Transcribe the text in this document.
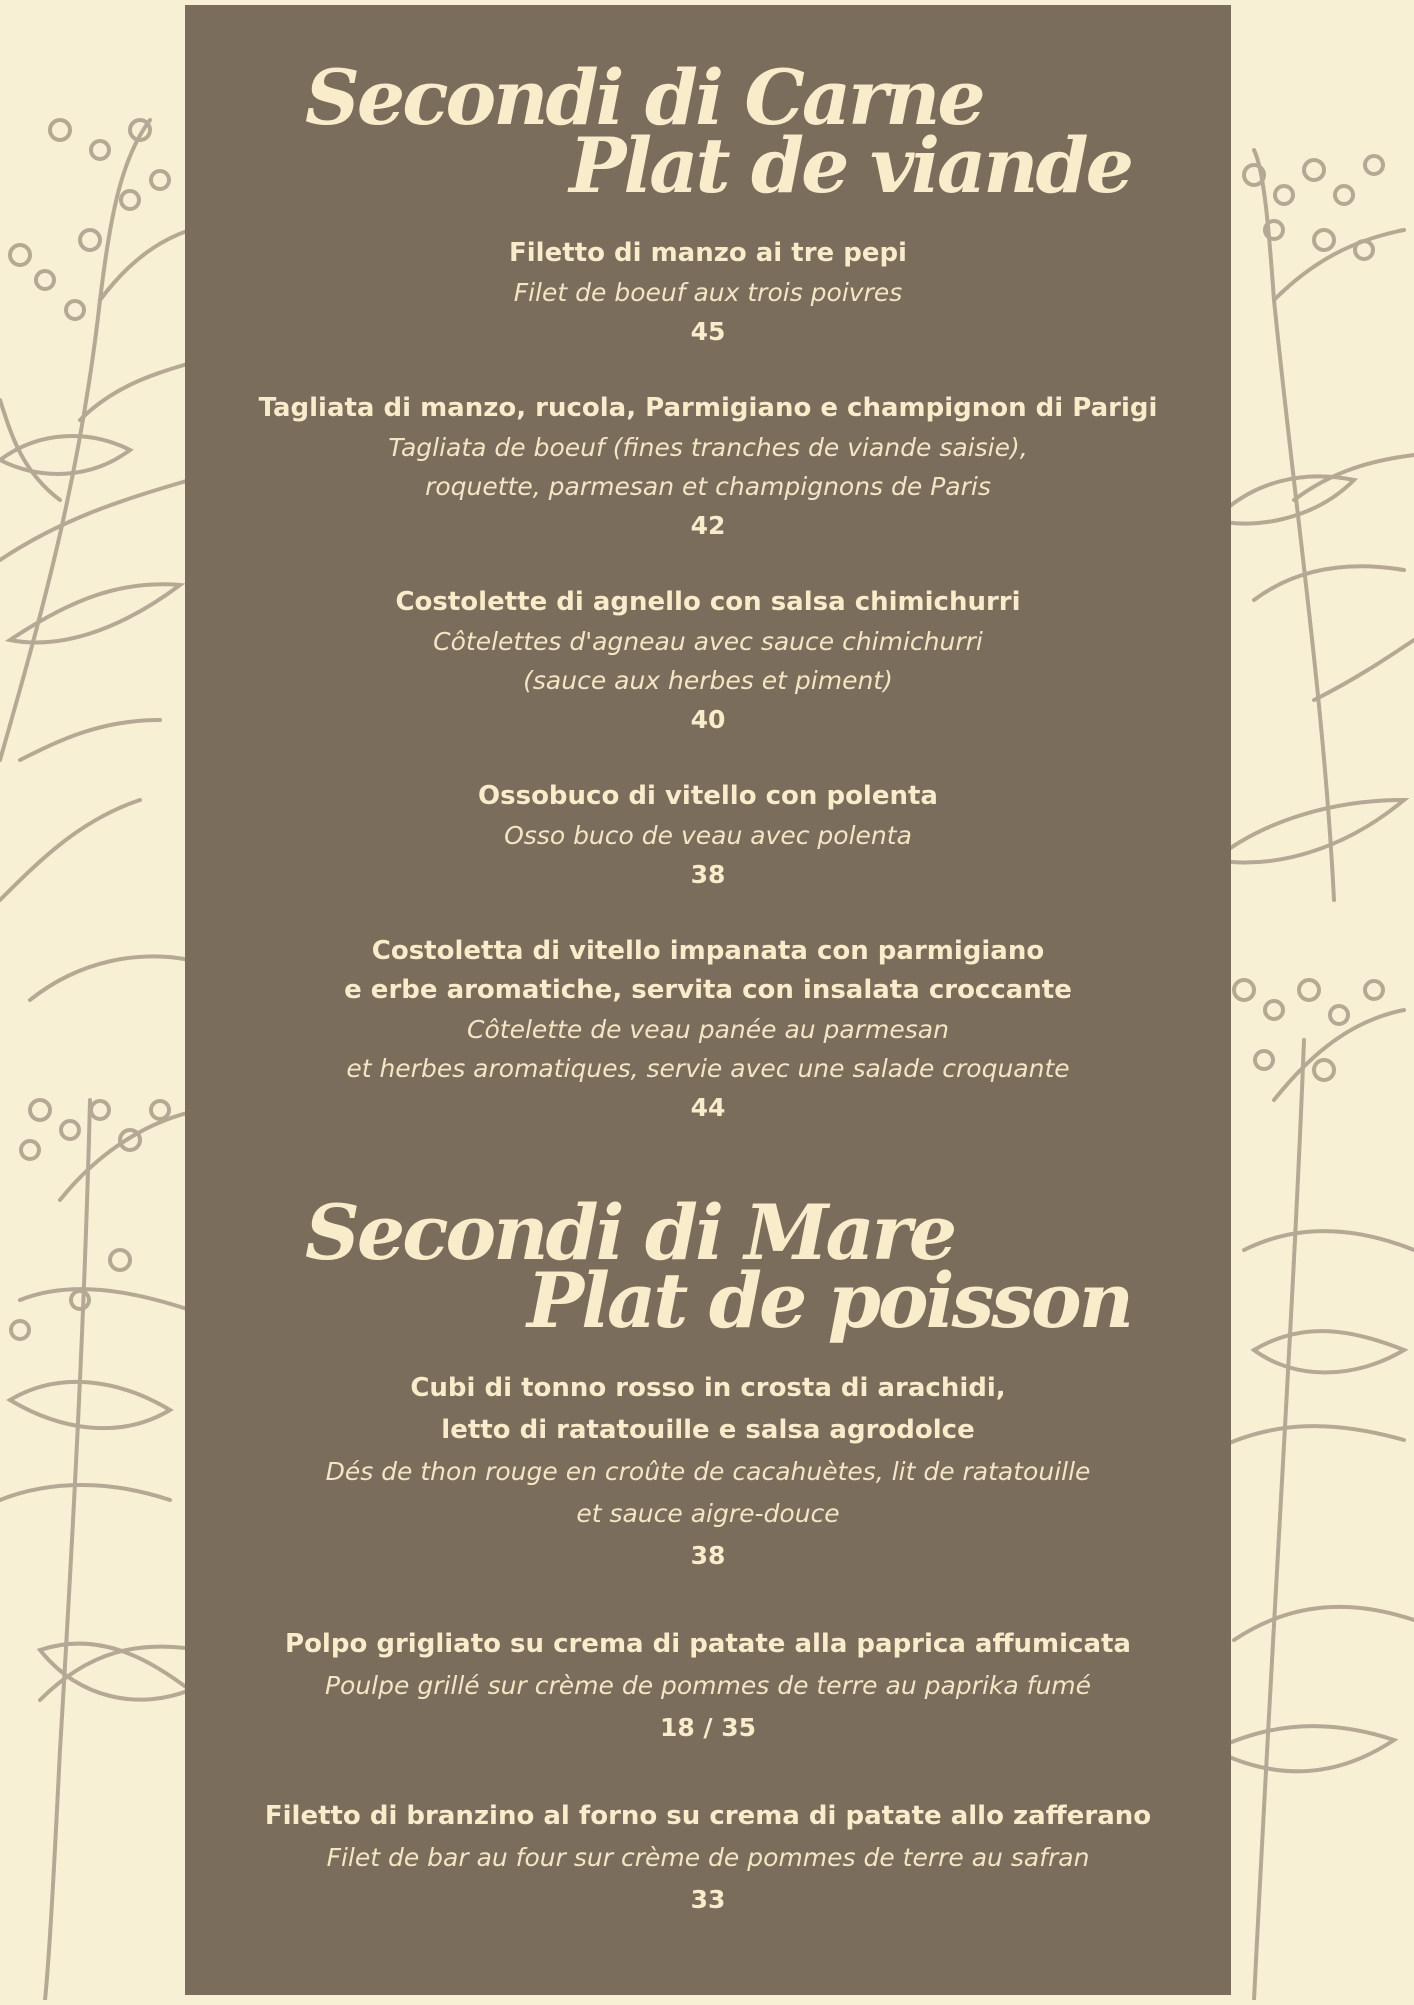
Secondi di Carne
Plat de viande
Filetto di manzo ai tre pepi
Filet de boeuf aux trois poivres
45
Tagliata di manzo, rucola, Parmigiano e champignon di Parigi
Tagliata de boeuf (fines tranches de viande saisie),
roquette, parmesan et champignons de Paris
42
Costolette di agnello con salsa chimichurri
Côtelettes d'agneau avec sauce chimichurri
(sauce aux herbes et piment)
40
Ossobuco di vitello con polenta
Osso buco de veau avec polenta
38
Costoletta di vitello impanata con parmigiano
e erbe aromatiche, servita con insalata croccante
Côtelette de veau panée au parmesan
et herbes aromatiques, servie avec une salade croquante
44
Secondi di Mare
Plat de poisson
Cubi di tonno rosso in crosta di arachidi,
letto di ratatouille e salsa agrodolce
Dés de thon rouge en croûte de cacahuètes, lit de ratatouille
et sauce aigre-douce
38
Polpo grigliato su crema di patate alla paprica affumicata
Poulpe grillé sur crème de pommes de terre au paprika fumé
18 / 35
Filetto di branzino al forno su crema di patate allo zafferano
Filet de bar au four sur crème de pommes de terre au safran
33
